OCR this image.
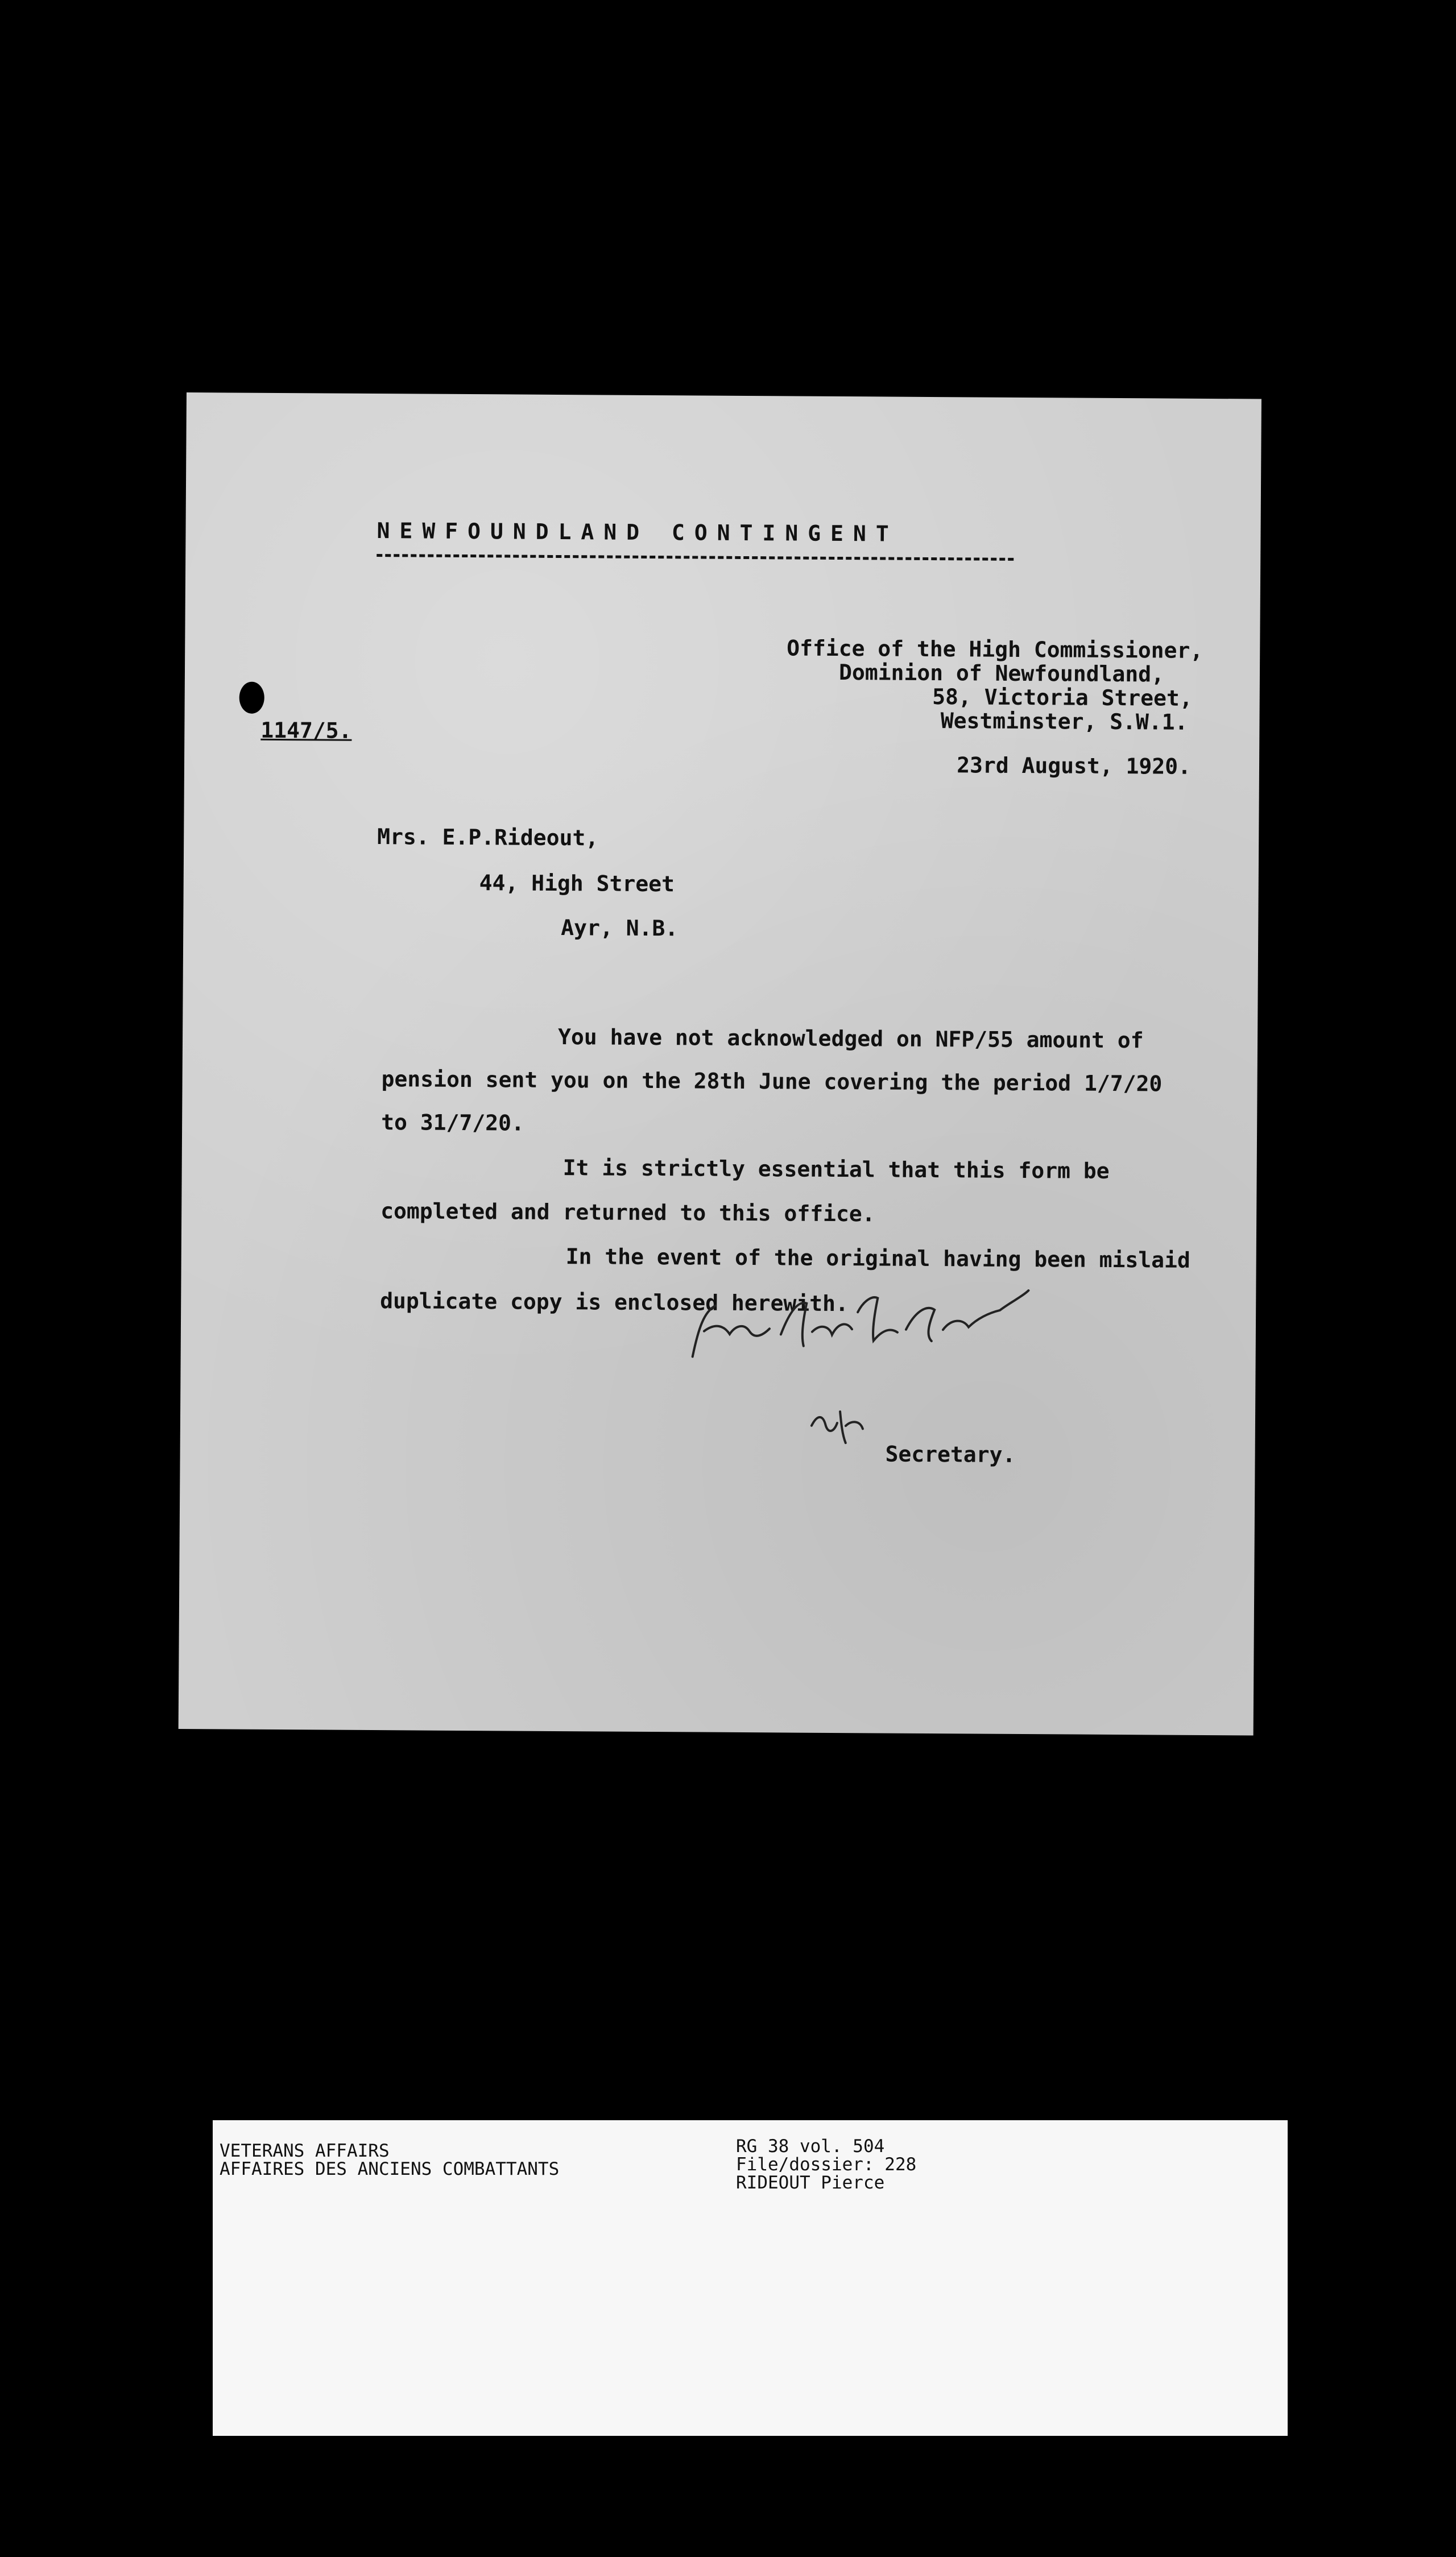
NEWFOUNDLAND CONTINGENT
1147/5.
Office of the High Commissioner,
Dominion of Newfoundland,
58, Victoria Street,
Westminster, S.W.1.
23rd August, 1920.
Mrs. E.P.Rideout,
44, High Street
Ayr, N.B.
You have not acknowledged on NFP/55 amount of
pension sent you on the 28th June covering the period 1/7/20
to 31/7/20.
It is strictly essential that this form be
completed and returned to this office.
In the event of the original having been mislaid
duplicate copy is enclosed herewith.
Secretary.
VETERANS AFFAIRS
AFFAIRES DES ANCIENS COMBATTANTS
RG 38 vol. 504
File/dossier: 228
RIDEOUT Pierce
